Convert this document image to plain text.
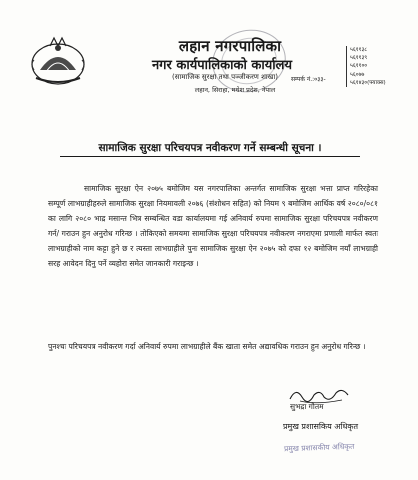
लहान नगरपालिका
नगर कार्यपालिकाको कार्यालय
(सामाजिक सुरक्षा तथा पञ्जीकरण शाखा)
लहान, सिराहा, मधेश प्रदेश, नेपाल
सम्पर्क नं.:०३३-
५६११३८
५६११३९
५६११००
५६०७७
५६१४३०(फ्याक्स)
सामाजिक सुरक्षा परिचयपत्र नवीकरण गर्ने सम्बन्धी सूचना ।

सामाजिक सुरक्षा ऐन २०७५ बमोजिम यस नगरपालिका अन्तर्गत सामाजिक सुरक्षा भत्ता प्राप्त गरिरहेका सम्पूर्ण लाभग्राहीहरुले सामाजिक सुरक्षा नियमावली २०७६ (संशोधन सहित) को नियम ९ बमोजिम आर्थिक वर्ष २०८०/०८१ का लागि २०८० भाद्र मसान्त भित्र सम्बन्धित वडा कार्यालयमा गई अनिवार्य रुपमा सामाजिक सुरक्षा परिचयपत्र नवीकरण गर्न/ गराउन हुन अनुरोध गरिन्छ । तोकिएको समयमा सामाजिक सुरक्षा परिचयपत्र नवीकरण नगराएमा प्रणाली मार्फत स्वतः लाभग्राहीको नाम कट्टा हुने छ र त्यस्ता लाभग्राहीले पुनः सामाजिक सुरक्षा ऐन २०७५ को दफा १२ बमोजिम नयाँ लाभग्राही सरह आवेदन दिनु पर्ने व्यहोरा समेत जानकारी गराइन्छ ।

पुनश्चः परिचयपत्र नवीकरण गर्दा अनिवार्य रुपमा लाभग्राहीले बैंक खाता समेत अद्यावधिक गराउन हुन अनुरोध गरिन्छ ।

सुभद्रा गौतम
प्रमुख प्रशासकिय अधिकृत
प्रमुख प्रशासकीय अधिकृत
